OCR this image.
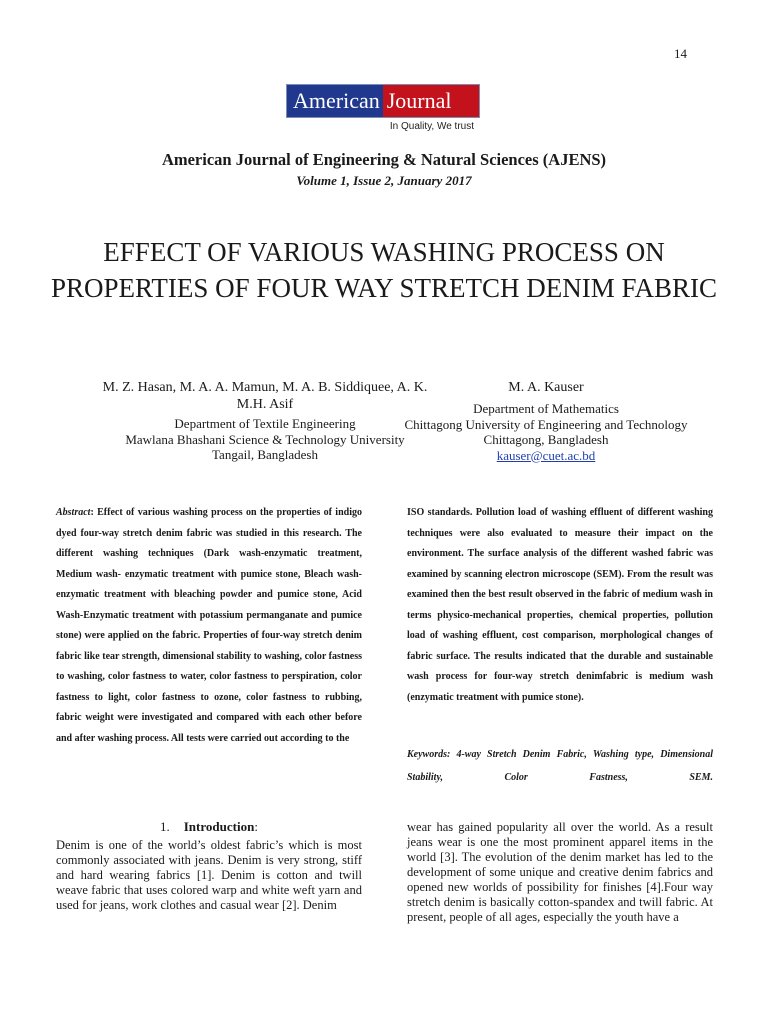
14
American Journal
In Quality, We trust
American Journal of Engineering & Natural Sciences (AJENS)
Volume 1, Issue 2, January 2017
EFFECT OF VARIOUS WASHING PROCESS ON PROPERTIES OF FOUR WAY STRETCH DENIM FABRIC
M. Z. Hasan, M. A. A. Mamun, M. A. B. Siddiquee, A. K. M.H. Asif
Department of Textile Engineering
Mawlana Bhashani Science & Technology University
Tangail, Bangladesh
M. A. Kauser
Department of Mathematics
Chittagong University of Engineering and Technology
Chittagong, Bangladesh
kauser@cuet.ac.bd
Abstract: Effect of various washing process on the properties of indigo dyed four-way stretch denim fabric was studied in this research. The different washing techniques (Dark wash-enzymatic treatment, Medium wash- enzymatic treatment with pumice stone, Bleach wash- enzymatic treatment with bleaching powder and pumice stone, Acid Wash-Enzymatic treatment with potassium permanganate and pumice stone) were applied on the fabric. Properties of four-way stretch denim fabric like tear strength, dimensional stability to washing, color fastness to washing, color fastness to water, color fastness to perspiration, color fastness to light, color fastness to ozone, color fastness to rubbing, fabric weight were investigated and compared with each other before and after washing process. All tests were carried out according to the
ISO standards. Pollution load of washing effluent of different washing techniques were also evaluated to measure their impact on the environment. The surface analysis of the different washed fabric was examined by scanning electron microscope (SEM). From the result was examined then the best result observed in the fabric of medium wash in terms physico-mechanical properties, chemical properties, pollution load of washing effluent, cost comparison, morphological changes of fabric surface. The results indicated that the durable and sustainable wash process for four-way stretch denimfabric is medium wash (enzymatic treatment with pumice stone).
Keywords: 4-way Stretch Denim Fabric, Washing type, Dimensional Stability, Color Fastness, SEM.
1. Introduction:
Denim is one of the world’s oldest fabric’s which is most commonly associated with jeans. Denim is very strong, stiff and hard wearing fabrics [1]. Denim is cotton and twill weave fabric that uses colored warp and white weft yarn and used for jeans, work clothes and casual wear [2]. Denim
wear has gained popularity all over the world. As a result jeans wear is one the most prominent apparel items in the world [3]. The evolution of the denim market has led to the development of some unique and creative denim fabrics and opened new worlds of possibility for finishes [4].Four way stretch denim is basically cotton-spandex and twill fabric. At present, people of all ages, especially the youth have a
